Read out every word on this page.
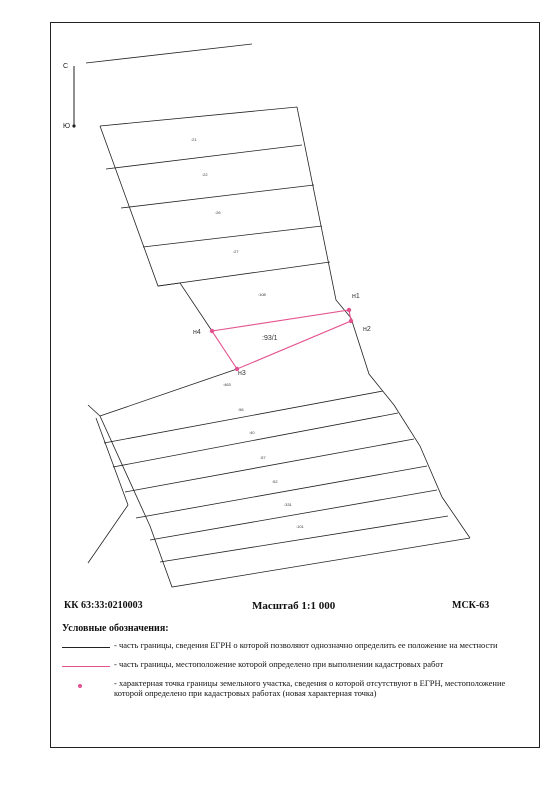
С
Ю
н1
н2
н3
н4
:21
:22
:26
:27
:108
:93/1
:463
:56
:40
:57
:52
:331
:101
КК 63:33:0210003	Масштаб 1:1 000	МСК-63
Условные обозначения:
- часть границы, сведения ЕГРН о которой позволяют однозначно определить ее положение на местности
- часть границы, местоположение которой определено при выполнении кадастровых работ
- характерная точка границы земельного участка, сведения о которой отсутствуют в ЕГРН, местоположение которой определено при кадастровых работах (новая характерная точка)
